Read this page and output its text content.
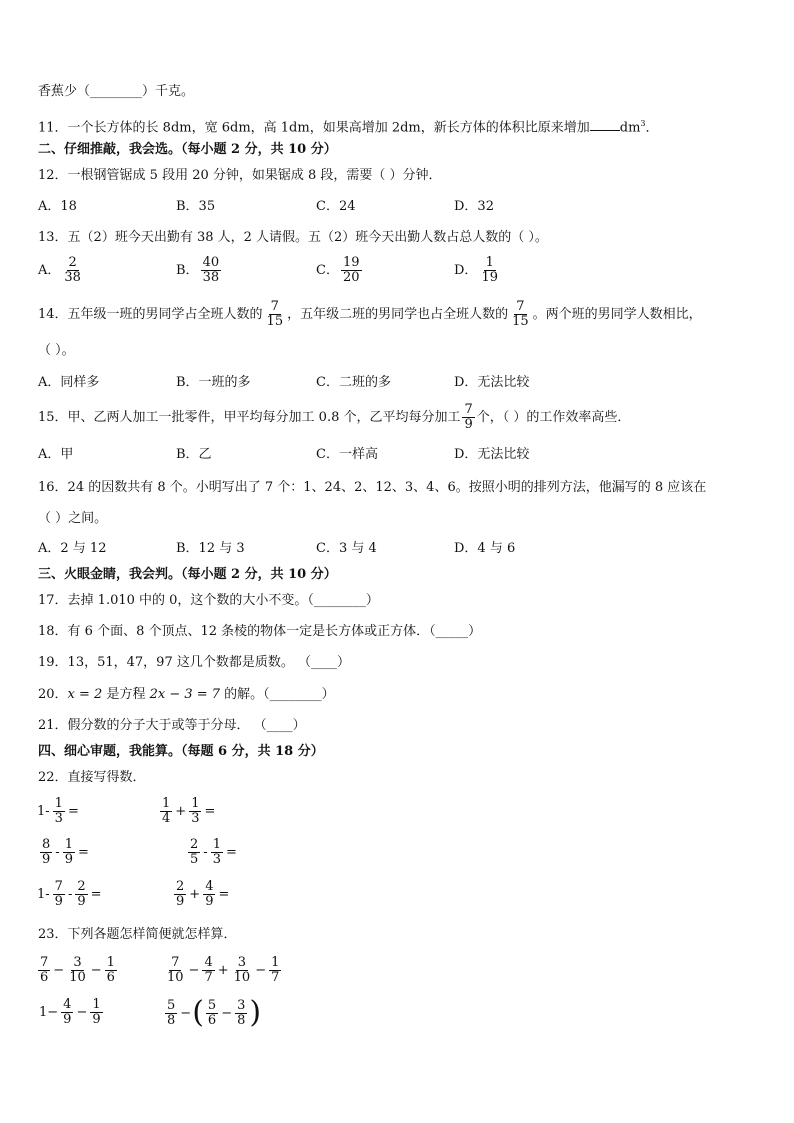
香蕉少（________）千克。
11．一个长方体的长 8dm，宽 6dm，高 1dm，如果高增加 2dm，新长方体的体积比原来增加 $dm^3$．
二、仔细推敲，我会选。（每小题 2 分，共 10 分）
12．一根钢管锯成 5 段用 20 分钟，如果锯成 8 段，需要（ ）分钟．
A．18	B．35	C．24	D．32
13．五（2）班今天出勤有 38 人，2 人请假。五（2）班今天出勤人数占总人数的（ ）。
A． $\frac{2}{38}$	B． $\frac{40}{38}$	C． $\frac{19}{20}$	D． $\frac{1}{19}$
14．五年级一班的男同学占全班人数的 $\frac{7}{15}$ ，五年级二班的男同学也占全班人数的 $\frac{7}{15}$ 。两个班的男同学人数相比，
（ ）。
A．同样多	B．一班的多	C．二班的多	D．无法比较
15．甲、乙两人加工一批零件，甲平均每分加工 0.8 个，乙平均每分加工 $\frac{7}{9}$ 个，（ ）的工作效率高些．
A．甲	B．乙	C．一样高	D．无法比较
16．24 的因数共有 8 个。小明写出了 7 个：1、24、2、12、3、4、6。按照小明的排列方法，他漏写的 8 应该在
（ ）之间。
A．2 与 12	B．12 与 3	C．3 与 4	D．4 与 6
三、火眼金睛，我会判。（每小题 2 分，共 10 分）
17．去掉 1.010 中的 0，这个数的大小不变。（________）
18．有 6 个面、8 个顶点、12 条棱的物体一定是长方体或正方体．（_____）
19．13，51，47，97 这几个数都是质数。 （____）
20．x = 2 是方程 2x − 3 = 7 的解。（________）
21．假分数的分子大于或等于分母． （____）
四、细心审题，我能算。（每题 6 分，共 18 分）
22．直接写得数．
$1- \frac{1}{3}$ =	$\frac{1}{4} + \frac{1}{3}$ =
$\frac{8}{9} - \frac{1}{9}$ =	$\frac{2}{5} - \frac{1}{3}$ =
$1- \frac{7}{9} - \frac{2}{9}$ =	$\frac{2}{9} + \frac{4}{9}$ =
23．下列各题怎样简便就怎样算．
$\frac{7}{6} - \frac{3}{10} - \frac{1}{6}$	$\frac{7}{10} - \frac{4}{7} + \frac{3}{10} - \frac{1}{7}$
$1- \frac{4}{9} - \frac{1}{9}$	$\frac{5}{8}$ − ( $\frac{5}{6} - \frac{3}{8}$ )
